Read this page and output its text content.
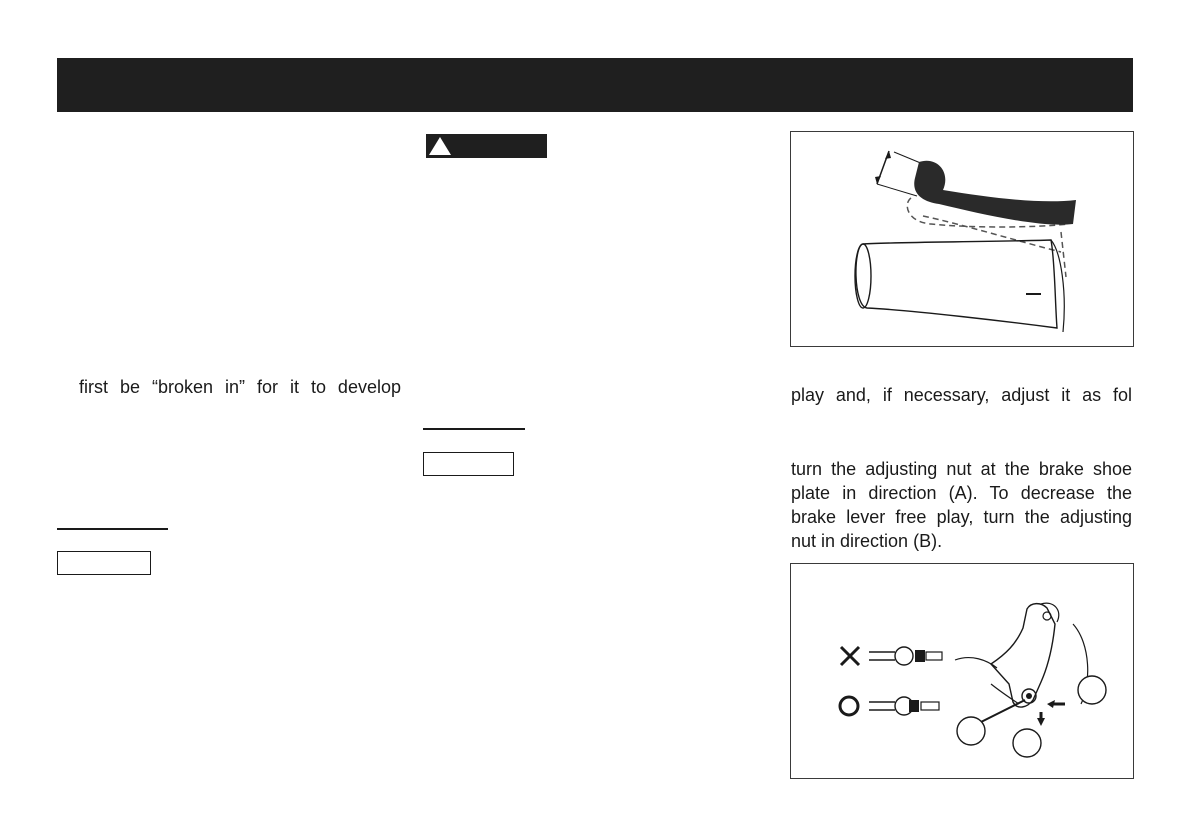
first be “broken in” for it to develop	play and, if necessary, adjust it as fol
turn the adjusting nut at the brake shoe
plate in direction (A). To decrease the
brake lever free play, turn the adjusting
nut in direction (B).
